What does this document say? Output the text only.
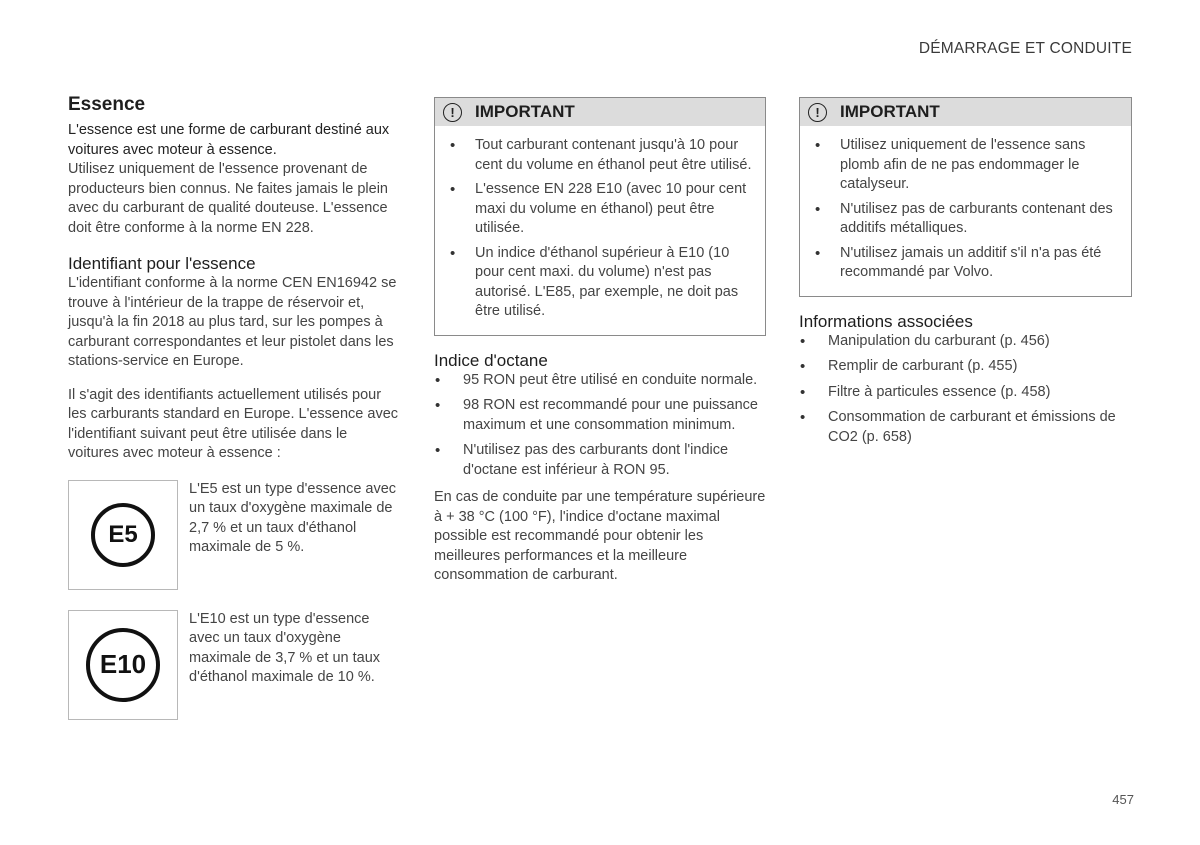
DÉMARRAGE ET CONDUITE
Essence

L'essence est une forme de carburant destiné aux voitures avec moteur à essence.

Utilisez uniquement de l'essence provenant de producteurs bien connus. Ne faites jamais le plein avec du carburant de qualité douteuse. L'essence doit être conforme à la norme EN 228.

Identifiant pour l'essence

L'identifiant conforme à la norme CEN EN16942 se trouve à l'intérieur de la trappe de réservoir et, jusqu'à la fin 2018 au plus tard, sur les pompes à carburant correspondantes et leur pistolet dans les stations-service en Europe.

Il s'agit des identifiants actuellement utilisés pour les carburants standard en Europe. L'essence avec l'identifiant suivant peut être utilisée dans le voitures avec moteur à essence :

E5
L'E5 est un type d'essence avec un taux d'oxygène maximale de 2,7 % et un taux d'éthanol maximale de 5 %.
E10
L'E10 est un type d'essence avec un taux d'oxygène maximale de 3,7 % et un taux d'éthanol maximale de 10 %.
!	IMPORTANT
• Tout carburant contenant jusqu'à 10 pour cent du volume en éthanol peut être utilisé.
• L'essence EN 228 E10 (avec 10 pour cent maxi du volume en éthanol) peut être utilisée.
• Un indice d'éthanol supérieur à E10 (10 pour cent maxi. du volume) n'est pas autorisé. L'E85, par exemple, ne doit pas être utilisé.
Indice d'octane
• 95 RON peut être utilisé en conduite normale.
• 98 RON est recommandé pour une puissance maximum et une consommation minimum.
• N'utilisez pas des carburants dont l'indice d'octane est inférieur à RON 95.

En cas de conduite par une température supérieure à + 38 °C (100 °F), l'indice d'octane maximal possible est recommandé pour obtenir les meilleures performances et la meilleure consommation de carburant.

!	IMPORTANT
• Utilisez uniquement de l'essence sans plomb afin de ne pas endommager le catalyseur.
• N'utilisez pas de carburants contenant des additifs métalliques.
• N'utilisez jamais un additif s'il n'a pas été recommandé par Volvo.
Informations associées
• Manipulation du carburant (p. 456)
• Remplir de carburant (p. 455)
• Filtre à particules essence (p. 458)
• Consommation de carburant et émissions de CO2 (p. 658)
457
